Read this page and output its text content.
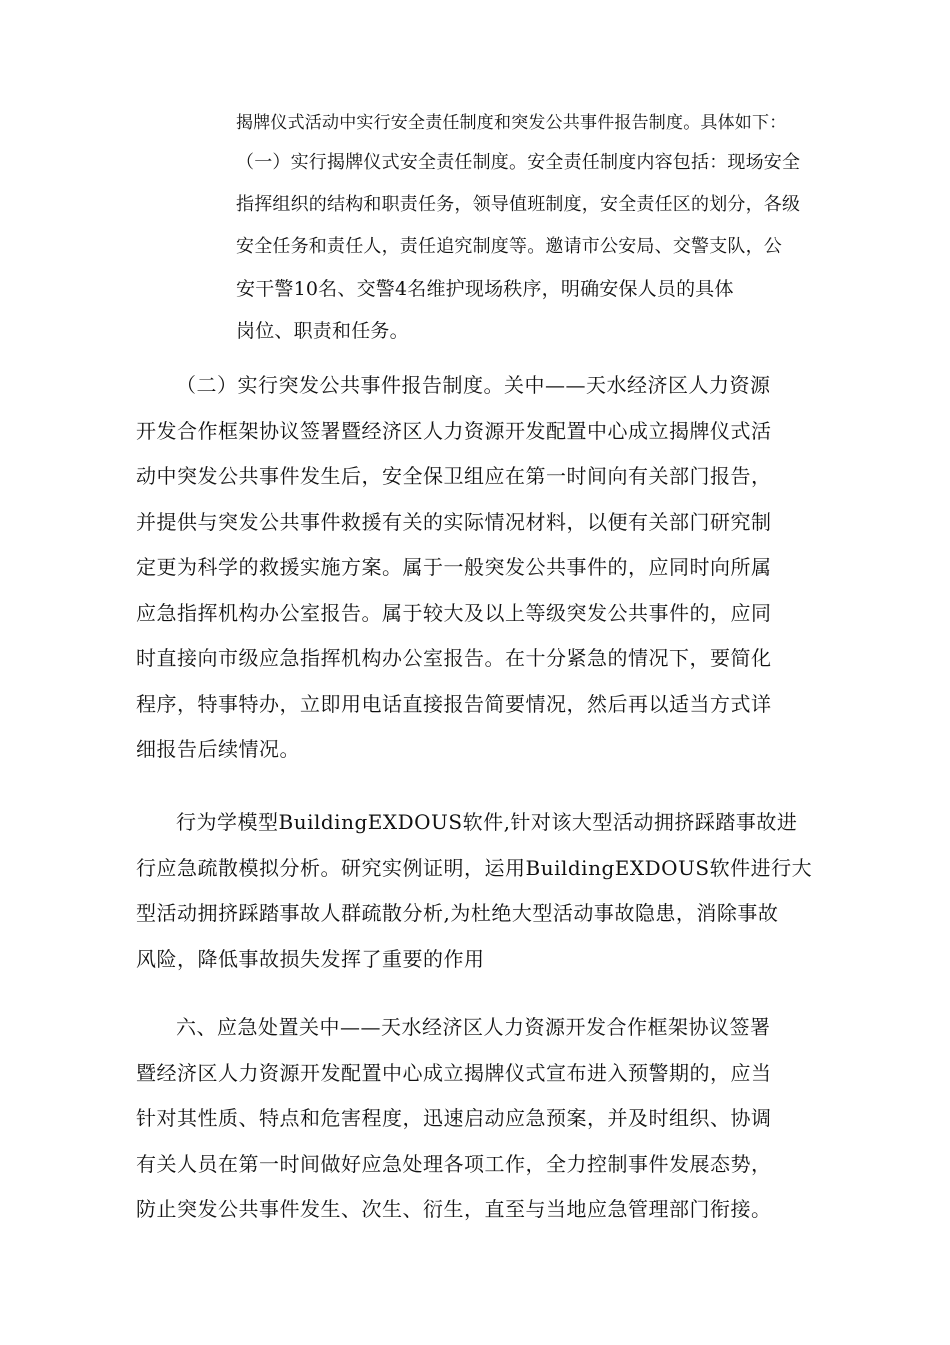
揭牌仪式活动中实行安全责任制度和突发公共事件报告制度。具体如下：
（一）实行揭牌仪式安全责任制度。安全责任制度内容包括：现场安全
指挥组织的结构和职责任务，领导值班制度，安全责任区的划分，各级
安全任务和责任人，责任追究制度等。邀请市公安局、交警支队，公
安干警10名、交警4名维护现场秩序，明确安保人员的具体
岗位、职责和任务。
（二）实行突发公共事件报告制度。关中——天水经济区人力资源
开发合作框架协议签署暨经济区人力资源开发配置中心成立揭牌仪式活
动中突发公共事件发生后，安全保卫组应在第一时间向有关部门报告，
并提供与突发公共事件救援有关的实际情况材料，以便有关部门研究制
定更为科学的救援实施方案。属于一般突发公共事件的，应同时向所属
应急指挥机构办公室报告。属于较大及以上等级突发公共事件的，应同
时直接向市级应急指挥机构办公室报告。在十分紧急的情况下，要简化
程序，特事特办，立即用电话直接报告简要情况，然后再以适当方式详
细报告后续情况。
行为学模型BuildingEXDOUS软件,针对该大型活动拥挤踩踏事故进
行应急疏散模拟分析。研究实例证明，运用BuildingEXDOUS软件进行大
型活动拥挤踩踏事故人群疏散分析,为杜绝大型活动事故隐患，消除事故
风险，降低事故损失发挥了重要的作用
六、应急处置关中——天水经济区人力资源开发合作框架协议签署
暨经济区人力资源开发配置中心成立揭牌仪式宣布进入预警期的，应当
针对其性质、特点和危害程度，迅速启动应急预案，并及时组织、协调
有关人员在第一时间做好应急处理各项工作，全力控制事件发展态势，
防止突发公共事件发生、次生、衍生，直至与当地应急管理部门衔接。
